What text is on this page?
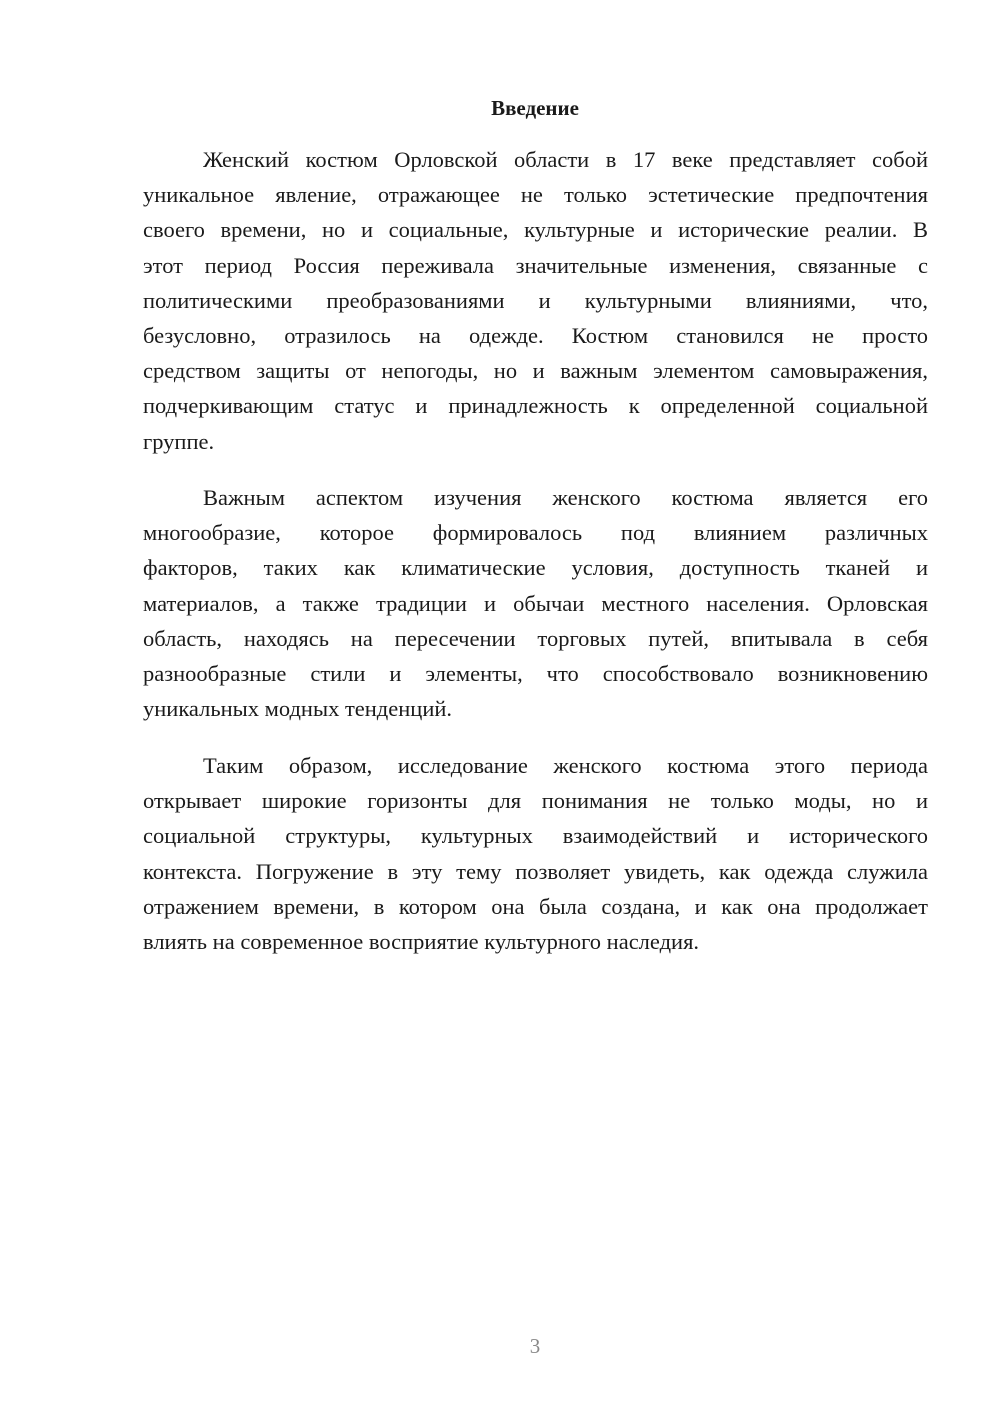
Введение
Женский костюм Орловской области в 17 веке представляет собой
уникальное явление, отражающее не только эстетические предпочтения
своего времени, но и социальные, культурные и исторические реалии. В
этот период Россия переживала значительные изменения, связанные с
политическими преобразованиями и культурными влияниями, что,
безусловно, отразилось на одежде. Костюм становился не просто
средством защиты от непогоды, но и важным элементом самовыражения,
подчеркивающим статус и принадлежность к определенной социальной
группе.
Важным аспектом изучения женского костюма является его
многообразие, которое формировалось под влиянием различных
факторов, таких как климатические условия, доступность тканей и
материалов, а также традиции и обычаи местного населения. Орловская
область, находясь на пересечении торговых путей, впитывала в себя
разнообразные стили и элементы, что способствовало возникновению
уникальных модных тенденций.
Таким образом, исследование женского костюма этого периода
открывает широкие горизонты для понимания не только моды, но и
социальной структуры, культурных взаимодействий и исторического
контекста. Погружение в эту тему позволяет увидеть, как одежда служила
отражением времени, в котором она была создана, и как она продолжает
влиять на современное восприятие культурного наследия.
3
